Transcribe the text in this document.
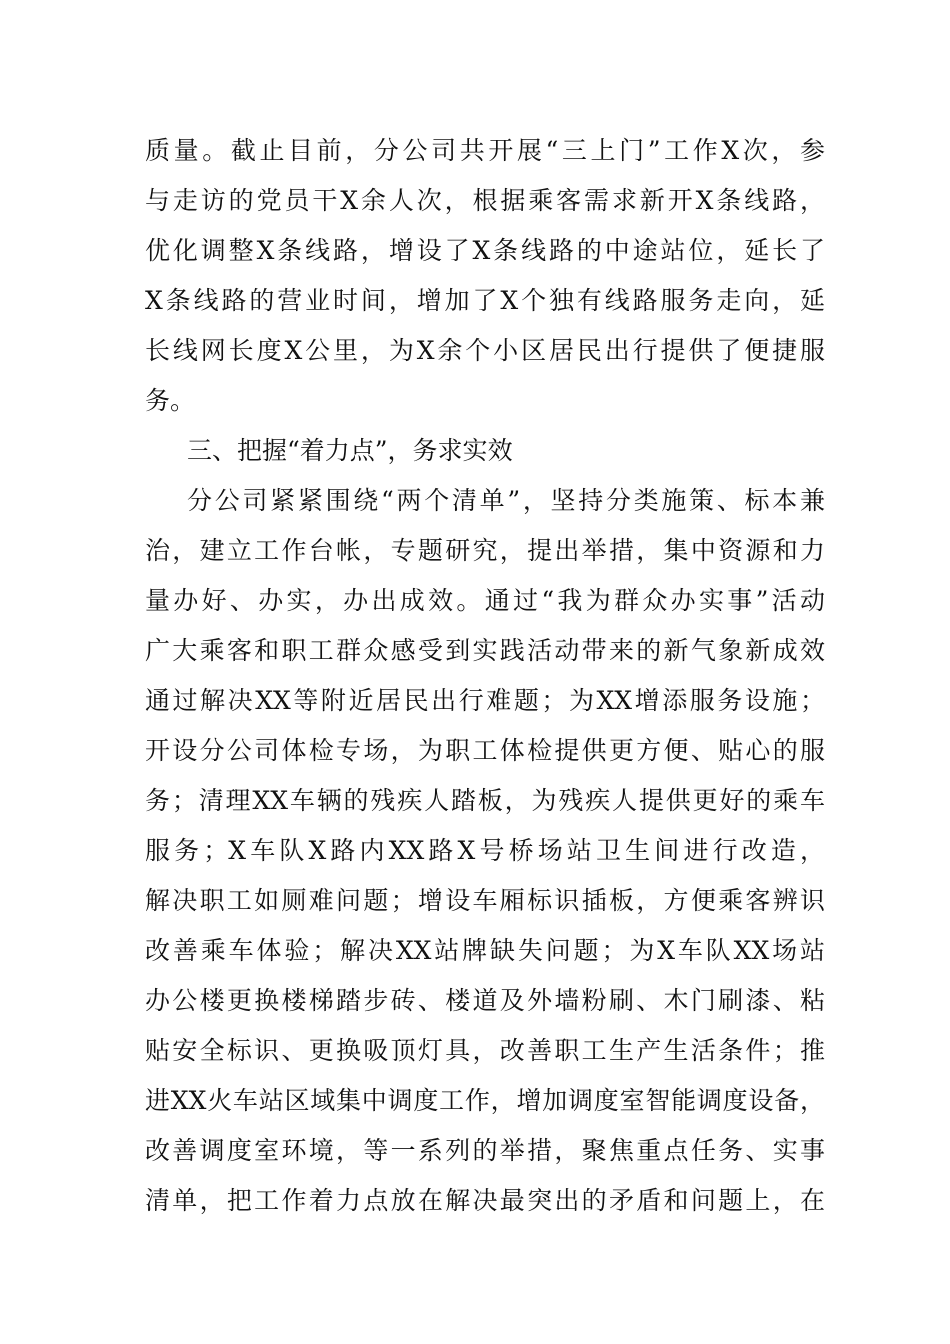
质量。截止目前，分公司共开展“三上门”工作X次，参
与走访的党员干X余人次，根据乘客需求新开X条线路，
优化调整X条线路，增设了X条线路的中途站位，延长了
X条线路的营业时间，增加了X个独有线路服务走向，延
长线网长度X公里，为X余个小区居民出行提供了便捷服
务。
三、把握“着力点”，务求实效
分公司紧紧围绕“两个清单”，坚持分类施策、标本兼
治，建立工作台帐，专题研究，提出举措，集中资源和力
量办好、办实，办出成效。通过“我为群众办实事”活动
广大乘客和职工群众感受到实践活动带来的新气象新成效
通过解决XX等附近居民出行难题；为XX增添服务设施；
开设分公司体检专场，为职工体检提供更方便、贴心的服
务；清理XX车辆的残疾人踏板，为残疾人提供更好的乘车
服务；X车队X路内XX路X号桥场站卫生间进行改造，
解决职工如厕难问题；增设车厢标识插板，方便乘客辨识
改善乘车体验；解决XX站牌缺失问题；为X车队XX场站
办公楼更换楼梯踏步砖、楼道及外墙粉刷、木门刷漆、粘
贴安全标识、更换吸顶灯具，改善职工生产生活条件；推
进XX火车站区域集中调度工作，增加调度室智能调度设备，
改善调度室环境，等一系列的举措，聚焦重点任务、实事
清单，把工作着力点放在解决最突出的矛盾和问题上，在
